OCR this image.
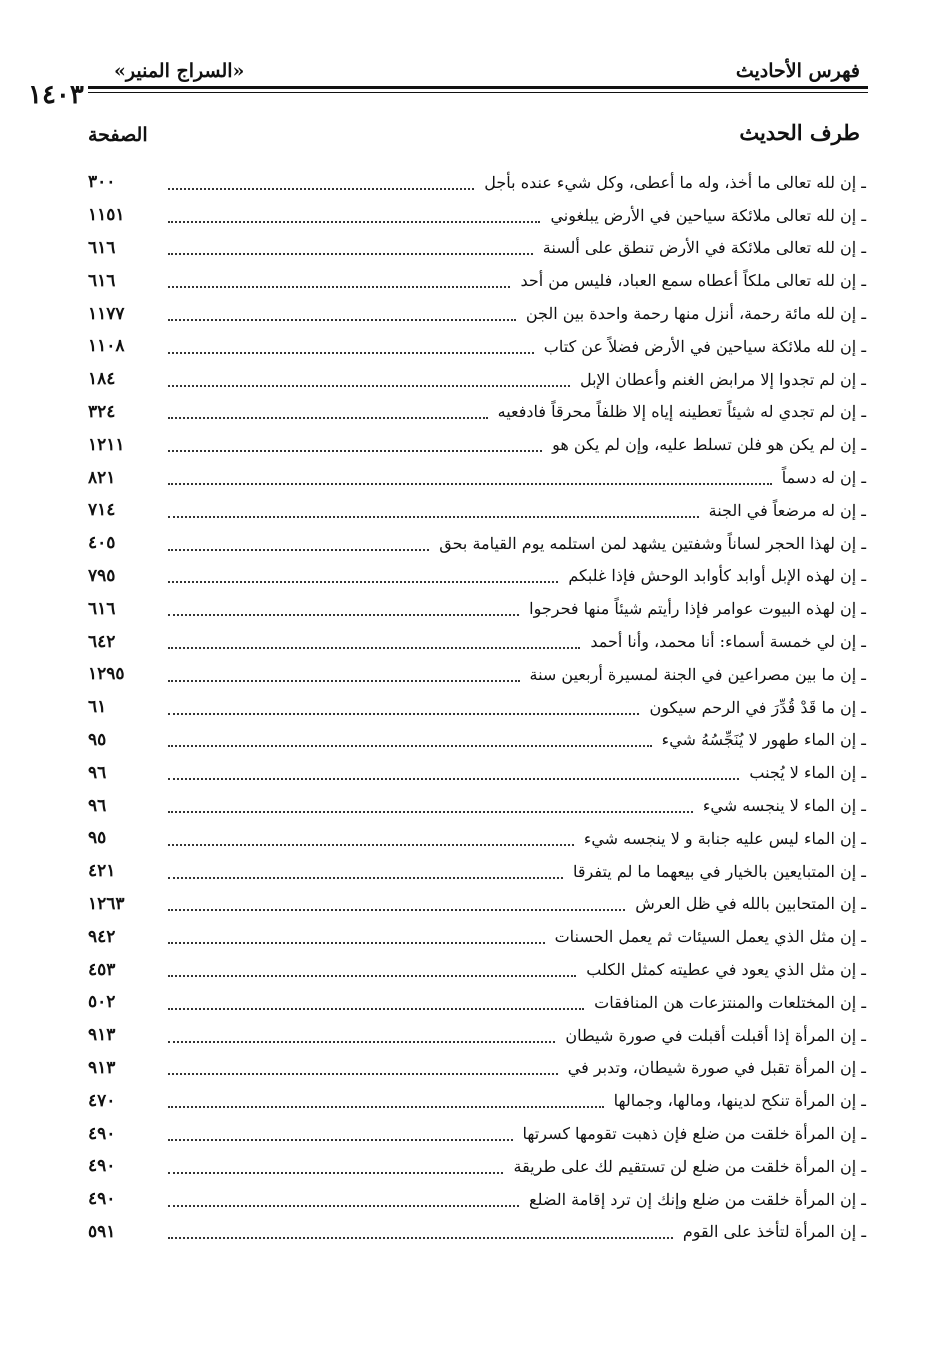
فهرس الأحاديث
«السراج المنير»
١٤٠٣
طرف الحديث
الصفحة
ـ إن لله تعالى ما أخذ، وله ما أعطى، وكل شيء عنده بأجل
٣٠٠
ـ إن لله تعالى ملائكة سياحين في الأرض يبلغوني
١١٥١
ـ إن لله تعالى ملائكة في الأرض تنطق على ألسنة
٦١٦
ـ إن لله تعالى ملكاً أعطاه سمع العباد، فليس من أحد
٦١٦
ـ إن لله مائة رحمة، أنزل منها رحمة واحدة بين الجن
١١٧٧
ـ إن لله ملائكة سياحين في الأرض فضلاً عن كتاب
١١٠٨
ـ إن لم تجدوا إلا مرابض الغنم وأعطان الإبل
١٨٤
ـ إن لم تجدي له شيئاً تعطينه إياه إلا ظلفاً محرقاً فادفعيه
٣٢٤
ـ إن لم يكن هو فلن تسلط عليه، وإن لم يكن هو
١٢١١
ـ إن له دسماً
٨٢١
ـ إن له مرضعاً في الجنة
٧١٤
ـ إن لهذا الحجر لساناً وشفتين يشهد لمن استلمه يوم القيامة بحق
٤٠٥
ـ إن لهذه الإبل أوابد كأوابد الوحش فإذا غلبكم
٧٩٥
ـ إن لهذه البيوت عوامر فإذا رأيتم شيئاً منها فحرجوا
٦١٦
ـ إن لي خمسة أسماء: أنا محمد، وأنا أحمد
٦٤٢
ـ إن ما بين مصراعين في الجنة لمسيرة أربعين سنة
١٢٩٥
ـ إن ما قَدْ قُدِّرَ في الرحم سيكون
٦١
ـ إن الماء طهور لا يُنَجِّسُهُ شيء
٩٥
ـ إن الماء لا يُجنب
٩٦
ـ إن الماء لا ينجسه شيء
٩٦
ـ إن الماء ليس عليه جنابة و لا ينجسه شيء
٩٥
ـ إن المتبايعين بالخيار في بيعهما ما لم يتفرقا
٤٢١
ـ إن المتحابين بالله في ظل العرش
١٢٦٣
ـ إن مثل الذي يعمل السيئات ثم يعمل الحسنات
٩٤٢
ـ إن مثل الذي يعود في عطيته كمثل الكلب
٤٥٣
ـ إن المختلعات والمنتزعات هن المنافقات
٥٠٢
ـ إن المرأة إذا أقبلت أقبلت في صورة شيطان
٩١٣
ـ إن المرأة تقبل في صورة شيطان، وتدبر في
٩١٣
ـ إن المرأة تنكح لدينها، ومالها، وجمالها
٤٧٠
ـ إن المرأة خلقت من ضلع فإن ذهبت تقومها كسرتها
٤٩٠
ـ إن المرأة خلقت من ضلع لن تستقيم لك على طريقة
٤٩٠
ـ إن المرأة خلقت من ضلع وإنك إن ترد إقامة الضلع
٤٩٠
ـ إن المرأة لتأخذ على القوم
٥٩١
